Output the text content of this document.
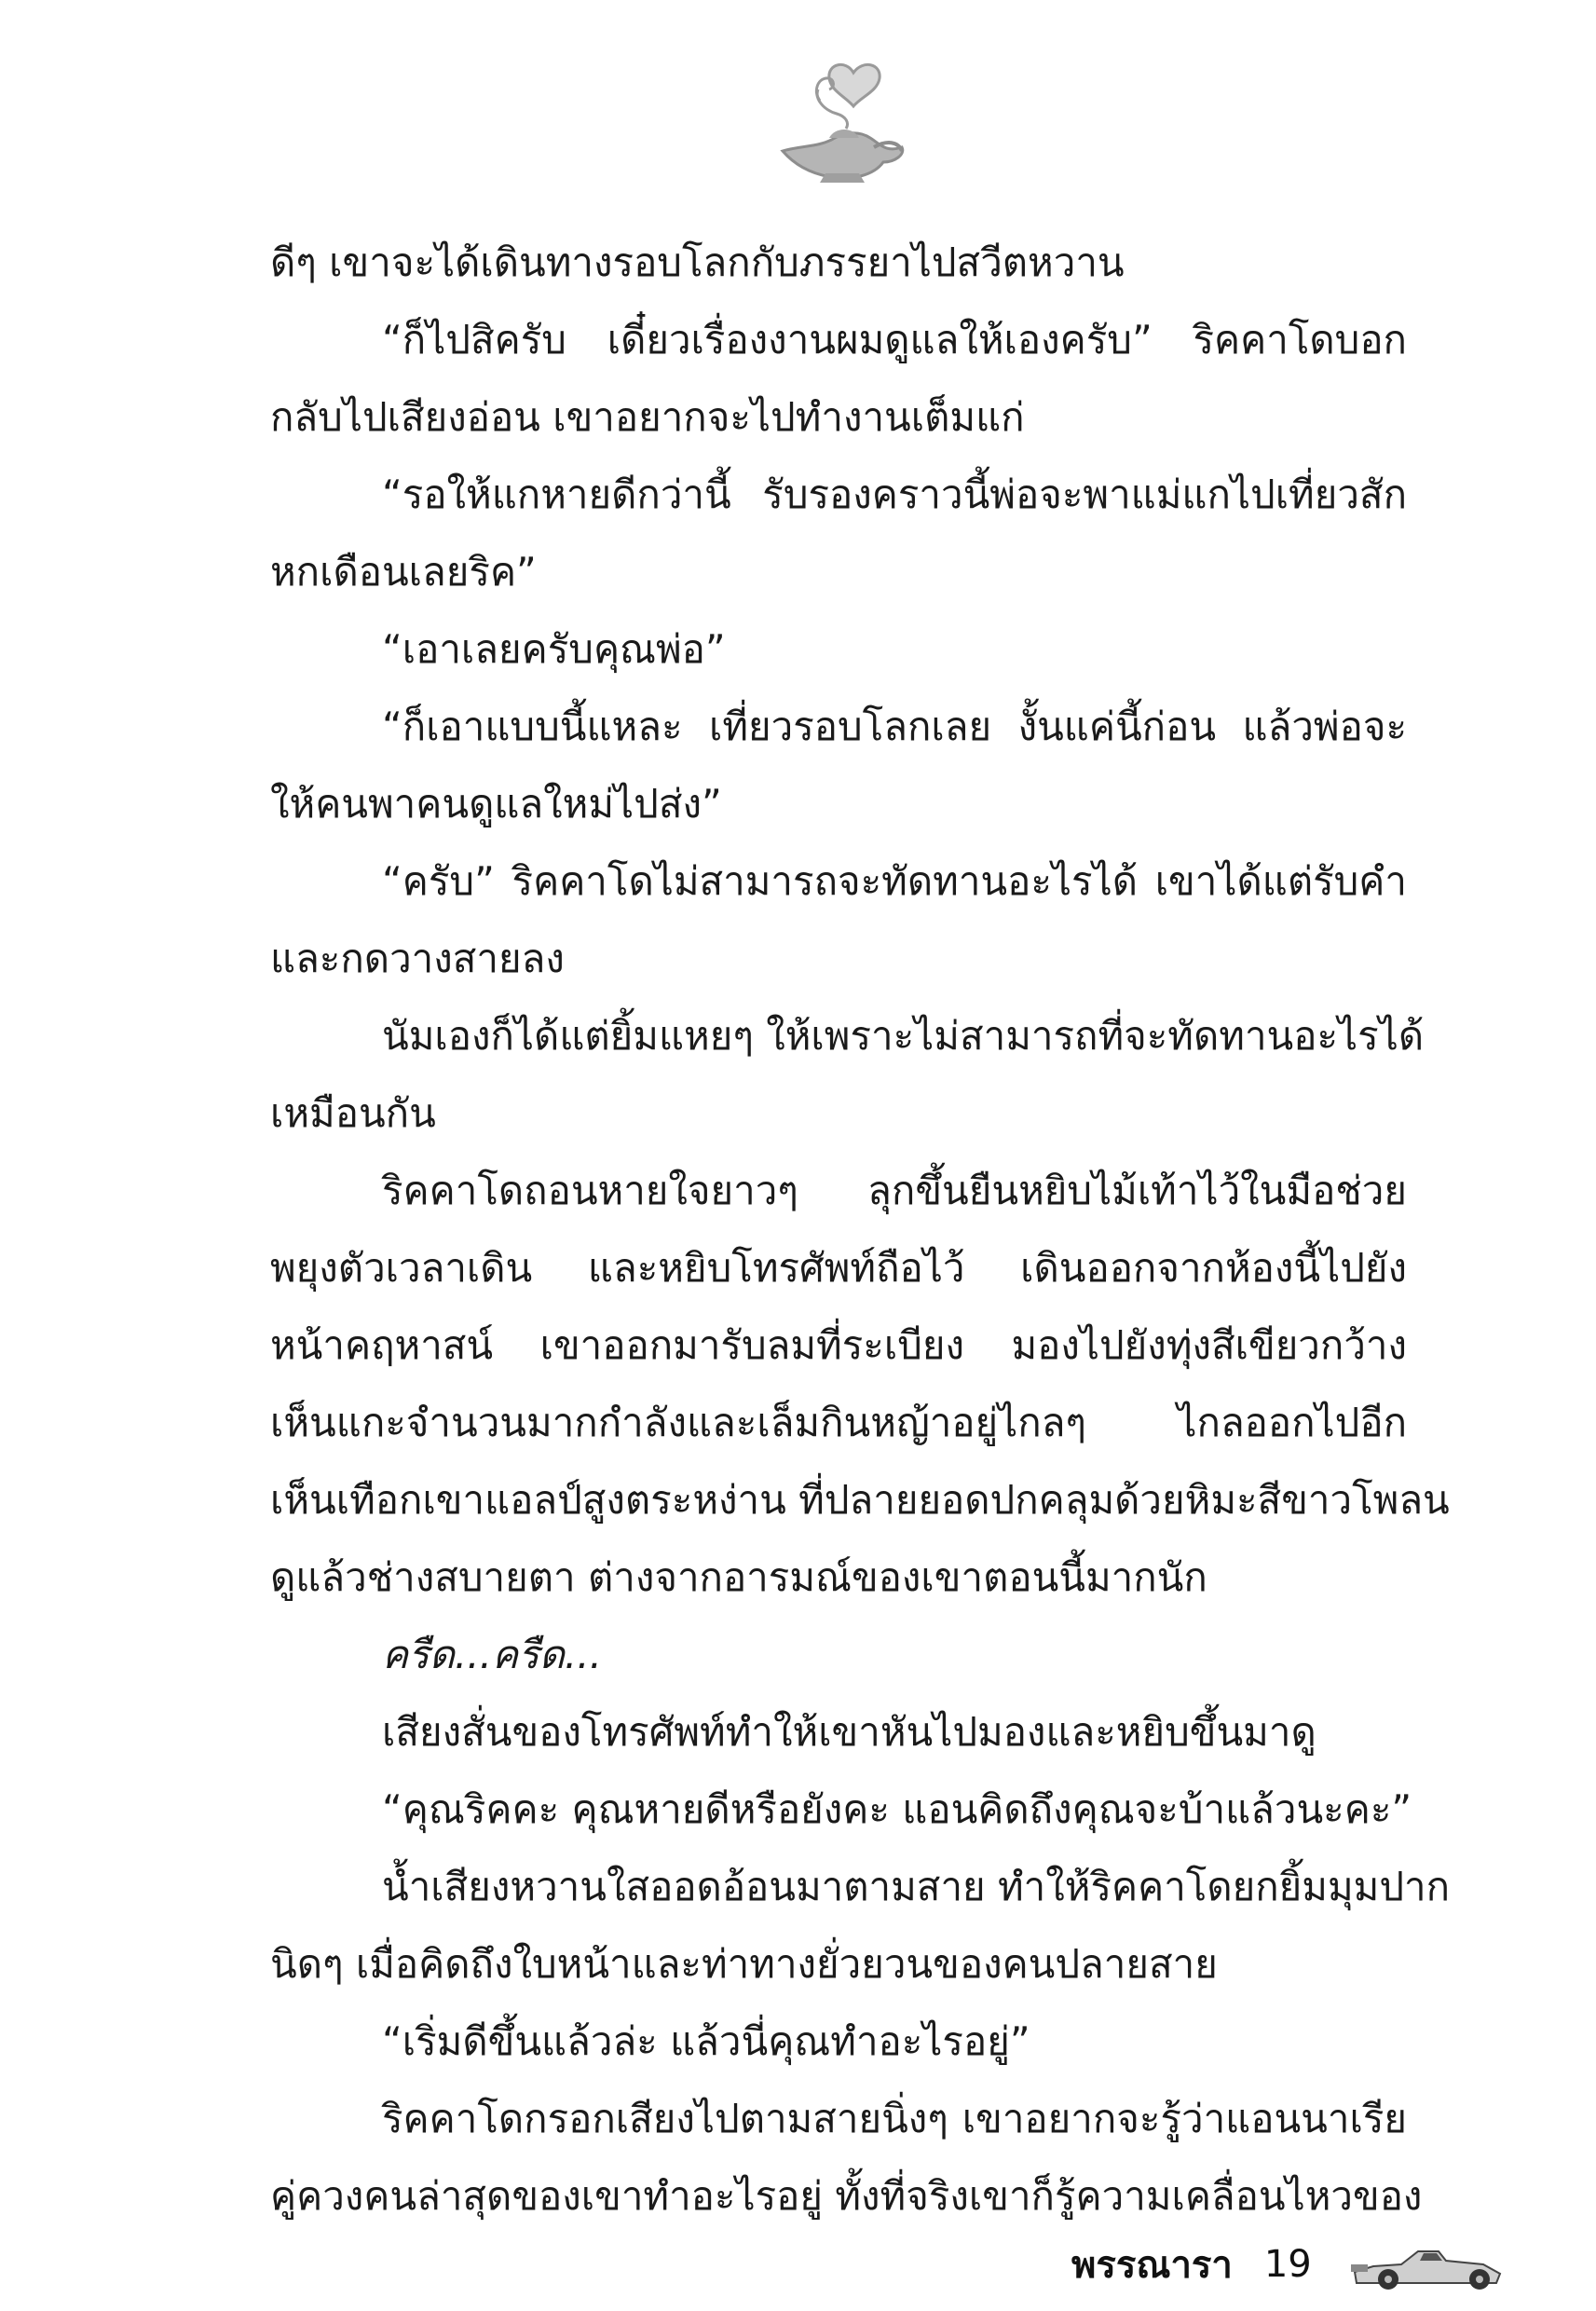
ดีๆ เขาจะได้เดินทางรอบโลกกับภรรยาไปสวีตหวาน
“ก็ไปสิครับ เดี๋ยวเรื่องงานผมดูแลให้เองครับ” ริคคาโดบอก
กลับไปเสียงอ่อน เขาอยากจะไปทำงานเต็มแก่
“รอให้แกหายดีกว่านี้ รับรองคราวนี้พ่อจะพาแม่แกไปเที่ยวสัก
หกเดือนเลยริค”
“เอาเลยครับคุณพ่อ”
“ก็เอาแบบนี้แหละ เที่ยวรอบโลกเลย งั้นแค่นี้ก่อน แล้วพ่อจะ
ให้คนพาคนดูแลใหม่ไปส่ง”
“ครับ” ริคคาโดไม่สามารถจะทัดทานอะไรได้ เขาได้แต่รับคำ
และกดวางสายลง
นัมเองก็ได้แต่ยิ้มแหยๆ ให้เพราะไม่สามารถที่จะทัดทานอะไรได้
เหมือนกัน
ริคคาโดถอนหายใจยาวๆ ลุกขึ้นยืนหยิบไม้เท้าไว้ในมือช่วย
พยุงตัวเวลาเดิน และหยิบโทรศัพท์ถือไว้ เดินออกจากห้องนี้ไปยัง
หน้าคฤหาสน์ เขาออกมารับลมที่ระเบียง มองไปยังทุ่งสีเขียวกว้าง
เห็นแกะจำนวนมากกำลังและเล็มกินหญ้าอยู่ไกลๆ ไกลออกไปอีก
เห็นเทือกเขาแอลป์สูงตระหง่าน ที่ปลายยอดปกคลุมด้วยหิมะสีขาวโพลน
ดูแล้วช่างสบายตา ต่างจากอารมณ์ของเขาตอนนี้มากนัก
ครืด...ครืด...
เสียงสั่นของโทรศัพท์ทำให้เขาหันไปมองและหยิบขึ้นมาดู
“คุณริคคะ คุณหายดีหรือยังคะ แอนคิดถึงคุณจะบ้าแล้วนะคะ”
น้ำเสียงหวานใสออดอ้อนมาตามสาย ทำให้ริคคาโดยกยิ้มมุมปาก
นิดๆ เมื่อคิดถึงใบหน้าและท่าทางยั่วยวนของคนปลายสาย
“เริ่มดีขึ้นแล้วล่ะ แล้วนี่คุณทำอะไรอยู่”
ริคคาโดกรอกเสียงไปตามสายนิ่งๆ เขาอยากจะรู้ว่าแอนนาเรีย
คู่ควงคนล่าสุดของเขาทำอะไรอยู่ ทั้งที่จริงเขาก็รู้ความเคลื่อนไหวของ
พรรณารา 19
